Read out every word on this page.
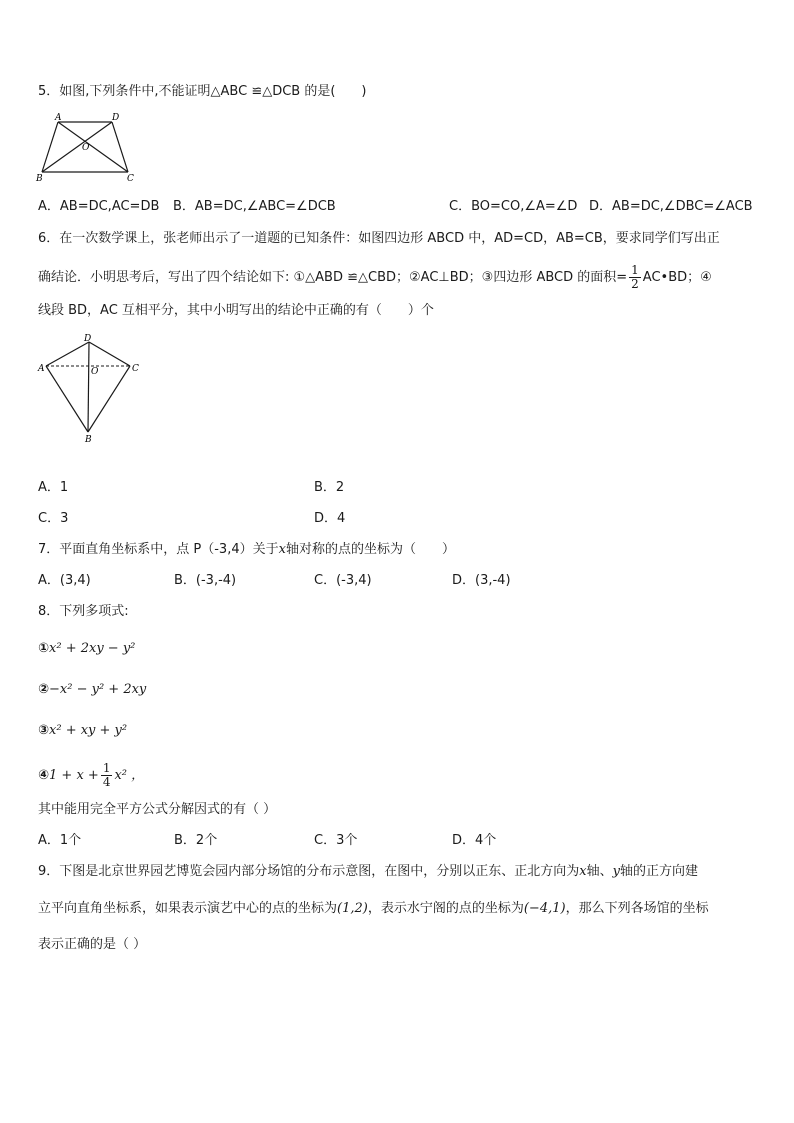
5．如图,下列条件中,不能证明△ABC ≌△DCB 的是(　　)
A	D
O
B	C
A．AB=DC,AC=DB B．AB=DC,∠ABC=∠DCB	C．BO=CO,∠A=∠D D．AB=DC,∠DBC=∠ACB
6．在一次数学课上，张老师出示了一道题的已知条件：如图四边形 ABCD 中，AD=CD，AB=CB，要求同学们写出正
确结论．小明思考后，写出了四个结论如下: ①△ABD ≌△CBD；②AC⊥BD；③四边形 ABCD 的面积= $\frac{1}{2}$ AC•BD；④
线段 BD，AC 互相平分，其中小明写出的结论中正确的有（　　）个
D
A	O	C
B
A．1	B．2
C．3	D．4
7．平面直角坐标系中，点 P（-3,4）关于x轴对称的点的坐标为（　　）
A．(3,4)	B．(-3,-4)	C．(-3,4)	D．(3,-4)
8．下列多项式:
①x² + 2xy − y²
②−x² − y² + 2xy
③x² + xy + y²
④1 + $x + \frac{1}{4} x^2$ ，
其中能用完全平方公式分解因式的有（ ）
A．1个	B．2个	C．3个	D．4个
9．下图是北京世界园艺博览会园内部分场馆的分布示意图，在图中，分别以正东、正北方向为x轴、y轴的正方向建
立平向直角坐标系，如果表示演艺中心的点的坐标为(1,2)，表示水宁阁的点的坐标为(−4,1)，那么下列各场馆的坐标
表示正确的是（ ）
